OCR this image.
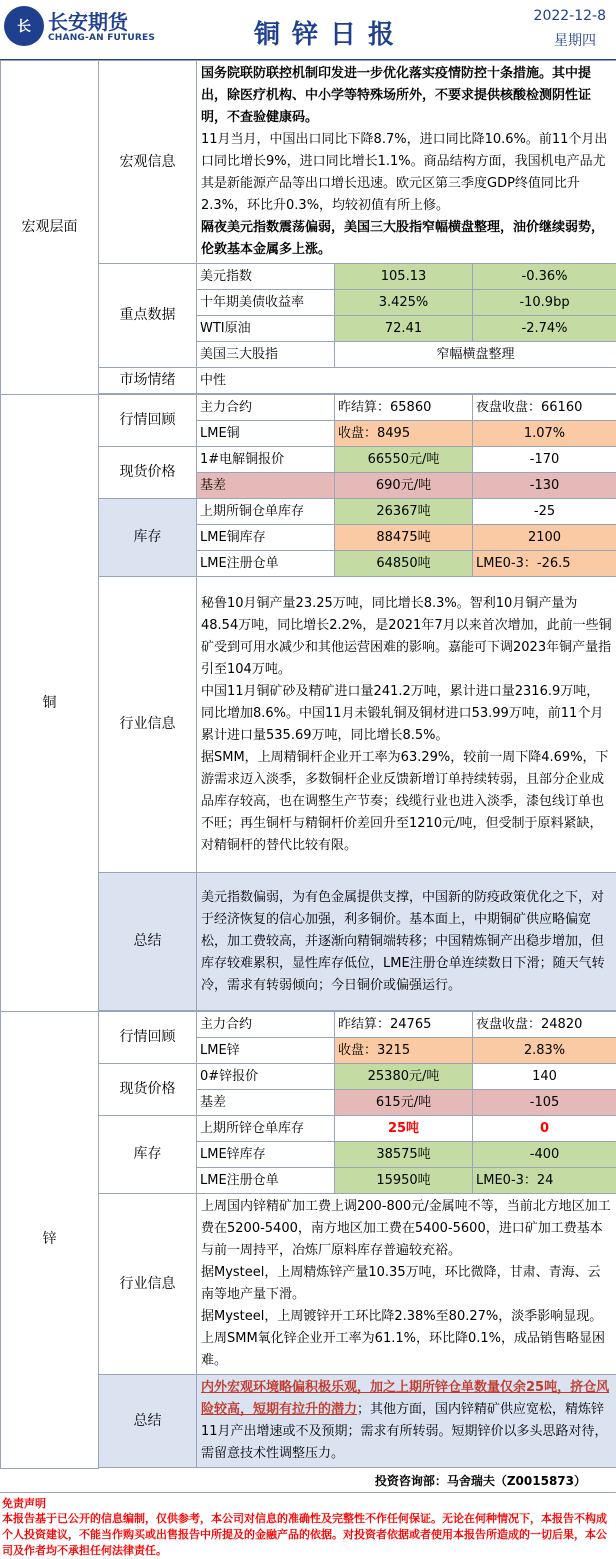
长 长安期货
CHANG-AN FUTURES	铜锌日报
2022-12-8
星期四
宏观层面	宏观信息	国务院联防联控机制印发进一步优化落实疫情防控十条措施。其中提出，除医疗机构、中小学等特殊场所外，不要求提供核酸检测阴性证明，不查验健康码。
11月当月，中国出口同比下降8.7%，进口同比降10.6%。前11个月出口同比增长9%，进口同比增长1.1%。商品结构方面，我国机电产品尤其是新能源产品等出口增长迅速。欧元区第三季度GDP终值同比升2.3%，环比升0.3%，均较初值有所上修。
隔夜美元指数震荡偏弱，美国三大股指窄幅横盘整理，油价继续弱势，伦敦基本金属多上涨。		
	重点数据	美元指数	105.13	-0.36%
		十年期美债收益率	3.425%	-10.9bp
		WTI原油	72.41	-2.74%
		美国三大股指	窄幅横盘整理	
	市场情绪	中性		

铜	行情回顾	主力合约	昨结算：65860	夜盘收盘：66160
		LME铜	收盘：8495	1.07%
	现货价格	1#电解铜报价	66550元/吨	-170
		基差	690元/吨	-130
	库存	上期所铜仓单库存	26367吨	-25
		LME铜库存	88475吨	2100
		LME注册仓单	64850吨	LME0-3：-26.5
	行业信息	秘鲁10月铜产量23.25万吨，同比增长8.3%。智利10月铜产量为48.54万吨，同比增长2.2%，是2021年7月以来首次增加，此前一些铜矿受到可用水减少和其他运营困难的影响。嘉能可下调2023年铜产量指引至104万吨。
中国11月铜矿砂及精矿进口量241.2万吨，累计进口量2316.9万吨，同比增加8.6%。中国11月未锻轧铜及铜材进口53.99万吨，前11个月累计进口量535.69万吨，同比增长8.5%。
据SMM，上周精铜杆企业开工率为63.29%，较前一周下降4.69%，下游需求迈入淡季，多数铜杆企业反馈新增订单持续转弱，且部分企业成品库存较高，也在调整生产节奏；线缆行业也进入淡季，漆包线订单也不旺；再生铜杆与精铜杆价差回升至1210元/吨，但受制于原料紧缺，对精铜杆的替代比较有限。		
	总结	美元指数偏弱，为有色金属提供支撑，中国新的防疫政策优化之下，对于经济恢复的信心加强，利多铜价。基本面上，中期铜矿供应略偏宽松，加工费较高，并逐渐向精铜端转移；中国精炼铜产出稳步增加，但库存较难累积，显性库存低位，LME注册仓单连续数日下滑；随天气转冷，需求有转弱倾向；今日铜价或偏强运行。		

锌	行情回顾	主力合约	昨结算：24765	夜盘收盘：24820
		LME锌	收盘：3215	2.83%
	现货价格	0#锌报价	25380元/吨	140
		基差	615元/吨	-105
	库存	上期所锌仓单库存	25吨	0
		LME锌库存	38575吨	-400
		LME注册仓单	15950吨	LME0-3：24
	行业信息	上周国内锌精矿加工费上调200-800元/金属吨不等，当前北方地区加工费在5200-5400，南方地区加工费在5400-5600，进口矿加工费基本与前一周持平，冶炼厂原料库存普遍较充裕。
据Mysteel，上周精炼锌产量10.35万吨，环比微降，甘肃、青海、云南等地产量下滑。
据Mysteel，上周镀锌开工环比降2.38%至80.27%，淡季影响显现。上周SMM氧化锌企业开工率为61.1%，环比降0.1%，成品销售略显困难。		
	总结	内外宏观环境略偏积极乐观，加之上期所锌仓单数量仅余25吨，挤仓风险较高，短期有拉升的潜力；其他方面，国内锌精矿供应宽松，精炼锌11月产出增速或不及预期；需求有所转弱。短期锌价以多头思路对待，需留意技术性调整压力。		

投资咨询部：马舍瑞夫（Z0015873）
免责声明
本报告基于已公开的信息编制，仅供参考，本公司对信息的准确性及完整性不作任何保证。无论在何种情况下，本报告不构成个人投资建议，不能当作购买或出售报告中所提及的金融产品的依据。对投资者依据或者使用本报告所造成的一切后果，本公司及作者均不承担任何法律责任。
